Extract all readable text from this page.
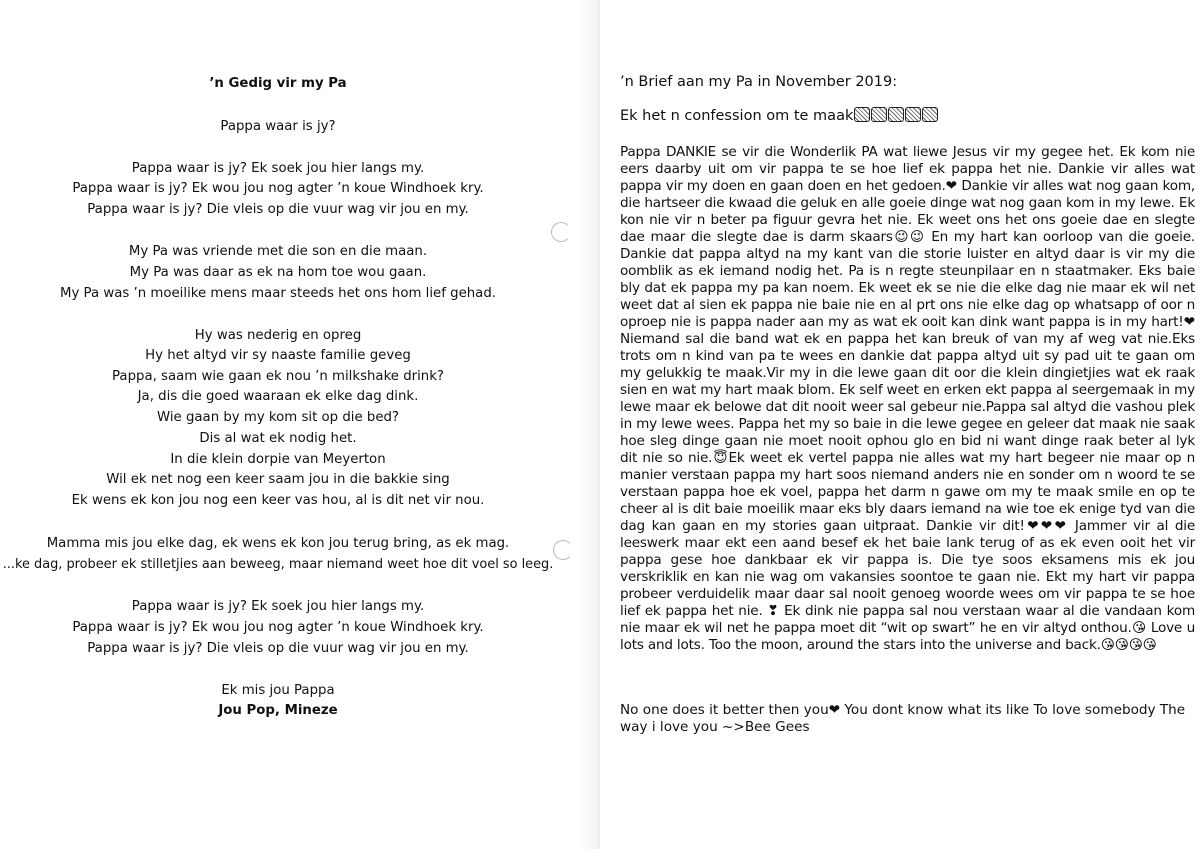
’n Gedig vir my Pa
Pappa waar is jy?
Pappa waar is jy? Ek soek jou hier langs my.
Pappa waar is jy? Ek wou jou nog agter ’n koue Windhoek kry.
Pappa waar is jy? Die vleis op die vuur wag vir jou en my.
My Pa was vriende met die son en die maan.
My Pa was daar as ek na hom toe wou gaan.
My Pa was ’n moeilike mens maar steeds het ons hom lief gehad.
Hy was nederig en opreg
Hy het altyd vir sy naaste familie geveg
Pappa, saam wie gaan ek nou ’n milkshake drink?
Ja, dis die goed waaraan ek elke dag dink.
Wie gaan by my kom sit op die bed?
Dis al wat ek nodig het.
In die klein dorpie van Meyerton
Wil ek net nog een keer saam jou in die bakkie sing
Ek wens ek kon jou nog een keer vas hou, al is dit net vir nou.
Mamma mis jou elke dag, ek wens ek kon jou terug bring, as ek mag.
...ke dag, probeer ek stilletjies aan beweeg, maar niemand weet hoe dit voel so leeg.
Pappa waar is jy? Ek soek jou hier langs my.
Pappa waar is jy? Ek wou jou nog agter ’n koue Windhoek kry.
Pappa waar is jy? Die vleis op die vuur wag vir jou en my.
Ek mis jou Pappa
Jou Pop, Mineze
’n Brief aan my Pa in November 2019:
Ek het n confession om te maak
Pappa DANKIE se vir die Wonderlik PA wat liewe Jesus vir my gegee het. Ek kom nie eers daarby uit om vir pappa te se hoe lief ek pappa het nie. Dankie vir alles wat pappa vir my doen en gaan doen en het gedoen.❤ Dankie vir alles wat nog gaan kom, die hartseer die kwaad die geluk en alle goeie dinge wat nog gaan kom in my lewe. Ek kon nie vir n beter pa figuur gevra het nie. Ek weet ons het ons goeie dae en slegte dae maar die slegte dae is darm skaars😉😉 En my hart kan oorloop van die goeie. Dankie dat pappa altyd na my kant van die storie luister en altyd daar is vir my die oomblik as ek iemand nodig het. Pa is n regte steunpilaar en n staatmaker. Eks baie bly dat ek pappa my pa kan noem. Ek weet ek se nie die elke dag nie maar ek wil net weet dat al sien ek pappa nie baie nie en al prt ons nie elke dag op whatsapp of oor n oproep nie is pappa nader aan my as wat ek ooit kan dink want pappa is in my hart!❤ Niemand sal die band wat ek en pappa het kan breuk of van my af weg vat nie.Eks trots om n kind van pa te wees en dankie dat pappa altyd uit sy pad uit te gaan om my gelukkig te maak.Vir my in die lewe gaan dit oor die klein dingietjies wat ek raak sien en wat my hart maak blom. Ek self weet en erken ekt pappa al seergemaak in my lewe maar ek belowe dat dit nooit weer sal gebeur nie.Pappa sal altyd die vashou plek in my lewe wees. Pappa het my so baie in die lewe gegee en geleer dat maak nie saak hoe sleg dinge gaan nie moet nooit ophou glo en bid ni want dinge raak beter al lyk dit nie so nie.😇Ek weet ek vertel pappa nie alles wat my hart begeer nie maar op n manier verstaan pappa my hart soos niemand anders nie en sonder om n woord te se verstaan pappa hoe ek voel, pappa het darm n gawe om my te maak smile en op te cheer al is dit baie moeilik maar eks bly daars iemand na wie toe ek enige tyd van die dag kan gaan en my stories gaan uitpraat. Dankie vir dit!❤❤❤ Jammer vir al die leeswerk maar ekt een aand besef ek het baie lank terug of as ek even ooit het vir pappa gese hoe dankbaar ek vir pappa is. Die tye soos eksamens mis ek jou verskriklik en kan nie wag om vakansies soontoe te gaan nie. Ekt my hart vir pappa probeer verduidelik maar daar sal nooit genoeg woorde wees om vir pappa te se hoe lief ek pappa het nie. ❣ Ek dink nie pappa sal nou verstaan waar al die vandaan kom nie maar ek wil net he pappa moet dit “wit op swart” he en vir altyd onthou.😘 Love u lots and lots. Too the moon, around the stars into the universe and back.😘😘😘😘
No one does it better then you❤ You dont know what its like To love somebody The way i love you ~>Bee Gees
